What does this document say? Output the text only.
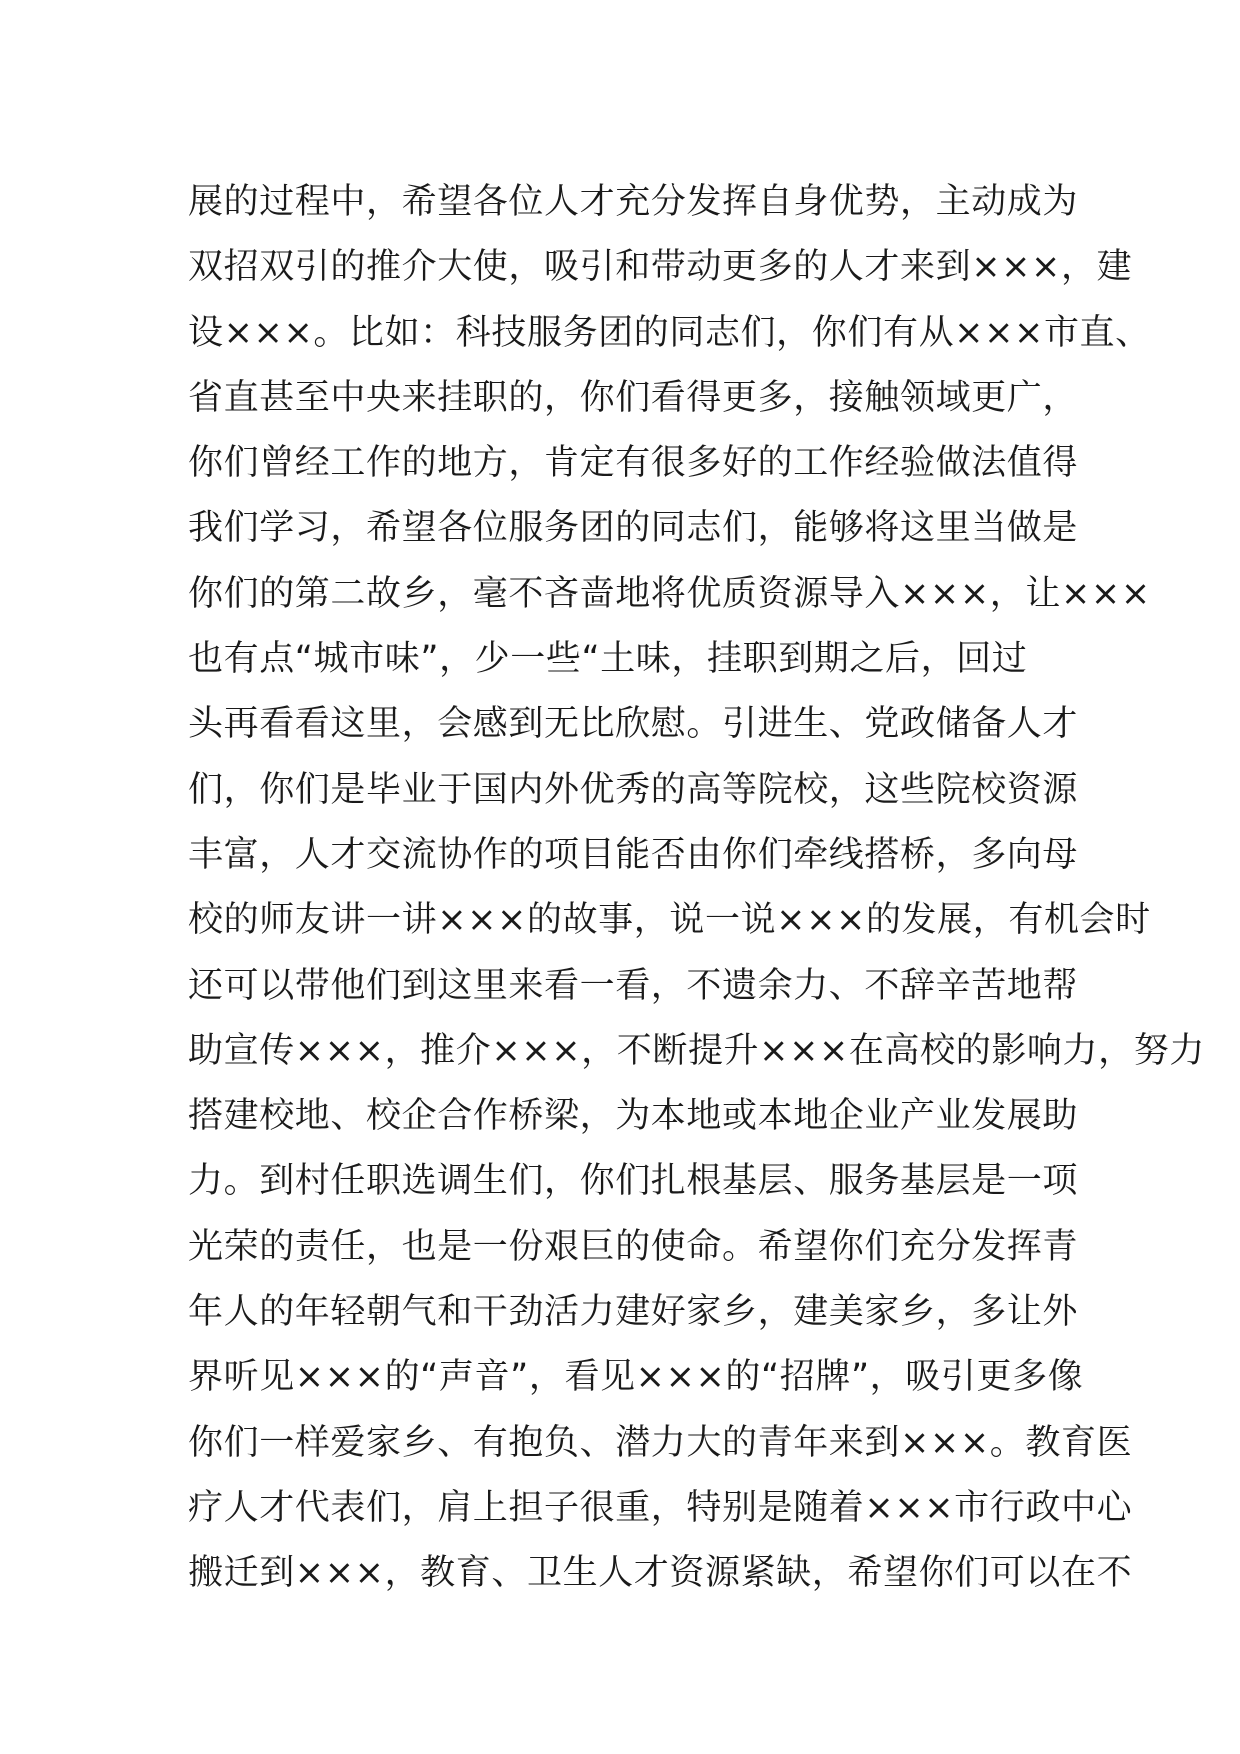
展的过程中，希望各位人才充分发挥自身优势，主动成为
双招双引的推介大使，吸引和带动更多的人才来到×××，建
设×××。比如：科技服务团的同志们，你们有从×××市直、
省直甚至中央来挂职的，你们看得更多，接触领域更广，
你们曾经工作的地方，肯定有很多好的工作经验做法值得
我们学习，希望各位服务团的同志们，能够将这里当做是
你们的第二故乡，毫不吝啬地将优质资源导入×××，让×××
也有点“城市味”，少一些“土味，挂职到期之后，回过
头再看看这里，会感到无比欣慰。引进生、党政储备人才
们，你们是毕业于国内外优秀的高等院校，这些院校资源
丰富，人才交流协作的项目能否由你们牵线搭桥，多向母
校的师友讲一讲×××的故事，说一说×××的发展，有机会时
还可以带他们到这里来看一看，不遗余力、不辞辛苦地帮
助宣传×××，推介×××，不断提升×××在高校的影响力，努力
搭建校地、校企合作桥梁，为本地或本地企业产业发展助
力。到村任职选调生们，你们扎根基层、服务基层是一项
光荣的责任，也是一份艰巨的使命。希望你们充分发挥青
年人的年轻朝气和干劲活力建好家乡，建美家乡，多让外
界听见×××的“声音”，看见×××的“招牌”，吸引更多像
你们一样爱家乡、有抱负、潜力大的青年来到×××。教育医
疗人才代表们，肩上担子很重，特别是随着×××市行政中心
搬迁到×××，教育、卫生人才资源紧缺，希望你们可以在不
